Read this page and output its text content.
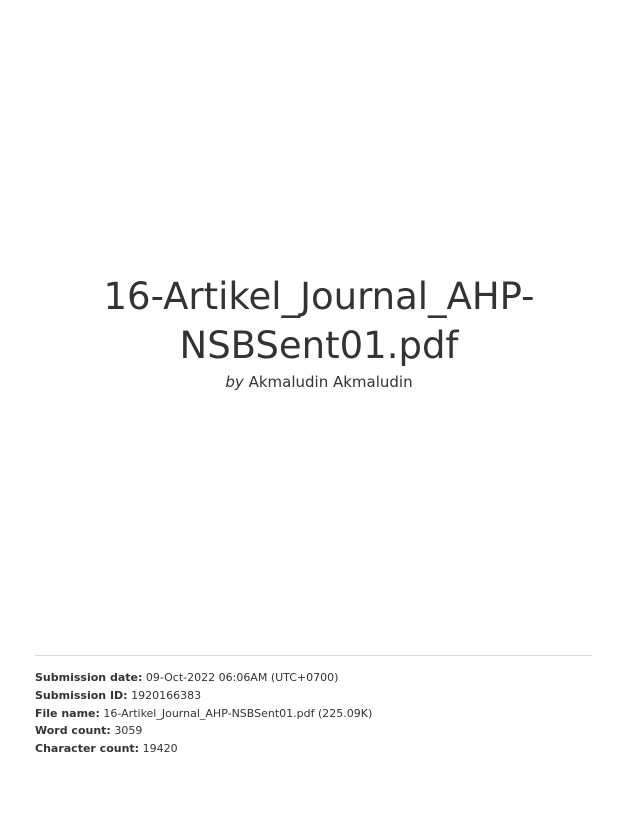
16-Artikel_Journal_AHP-
NSBSent01.pdf
by Akmaludin Akmaludin
Submission date: 09-Oct-2022 06:06AM (UTC+0700)
Submission ID: 1920166383
File name: 16-Artikel_Journal_AHP-NSBSent01.pdf (225.09K)
Word count: 3059
Character count: 19420
